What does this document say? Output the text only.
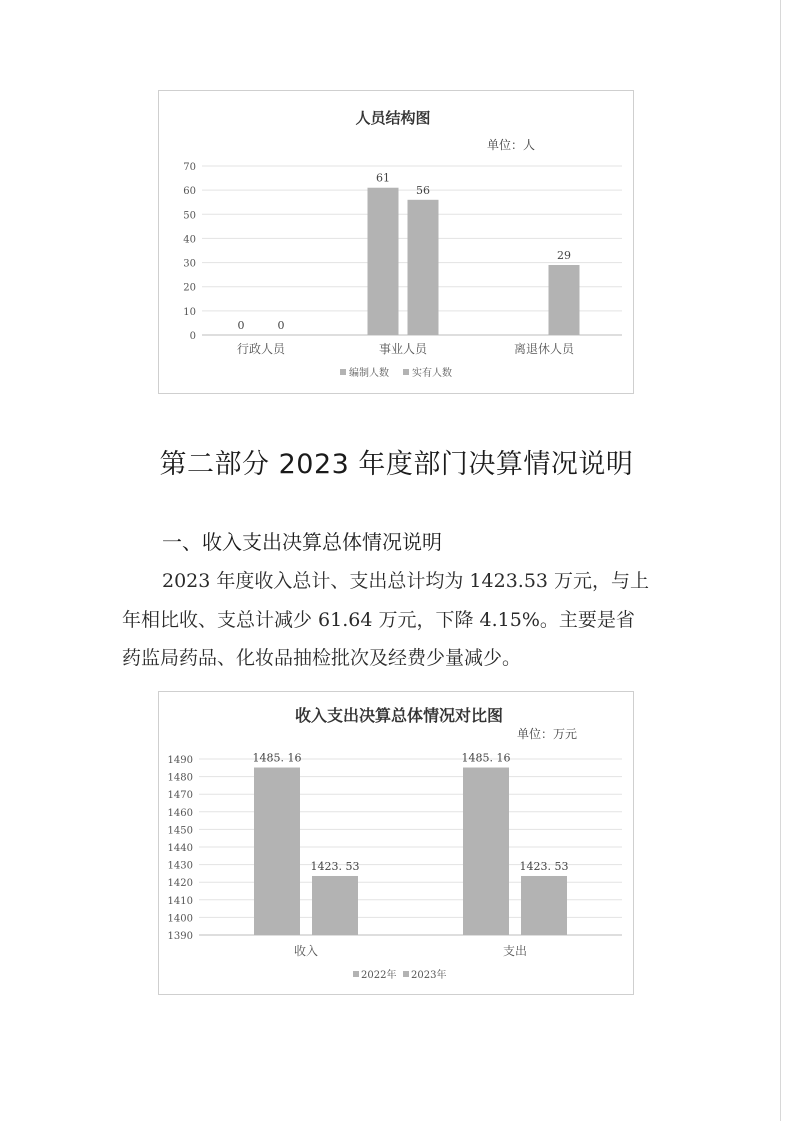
0
10
20
30
40
50
60
70
0	0
61
56
29
人员结构图
单位：人
行政人员	事业人员	离退休人员
编制人数 实有人数
第二部分 2023 年度部门决算情况说明
一、收入支出决算总体情况说明
2023 年度收入总计、支出总计均为 1423.53 万元，与上
年相比收、支总计减少 61.64 万元，下降 4.15%。主要是省
药监局药品、化妆品抽检批次及经费少量减少。
1390
1400
1410
1420
1430
1440
1450
1460
1470
1480
1490	1485. 16
1423. 53
1485. 16
1423. 53
收入支出决算总体情况对比图
单位：万元
收入	支出
2022年 2023年
